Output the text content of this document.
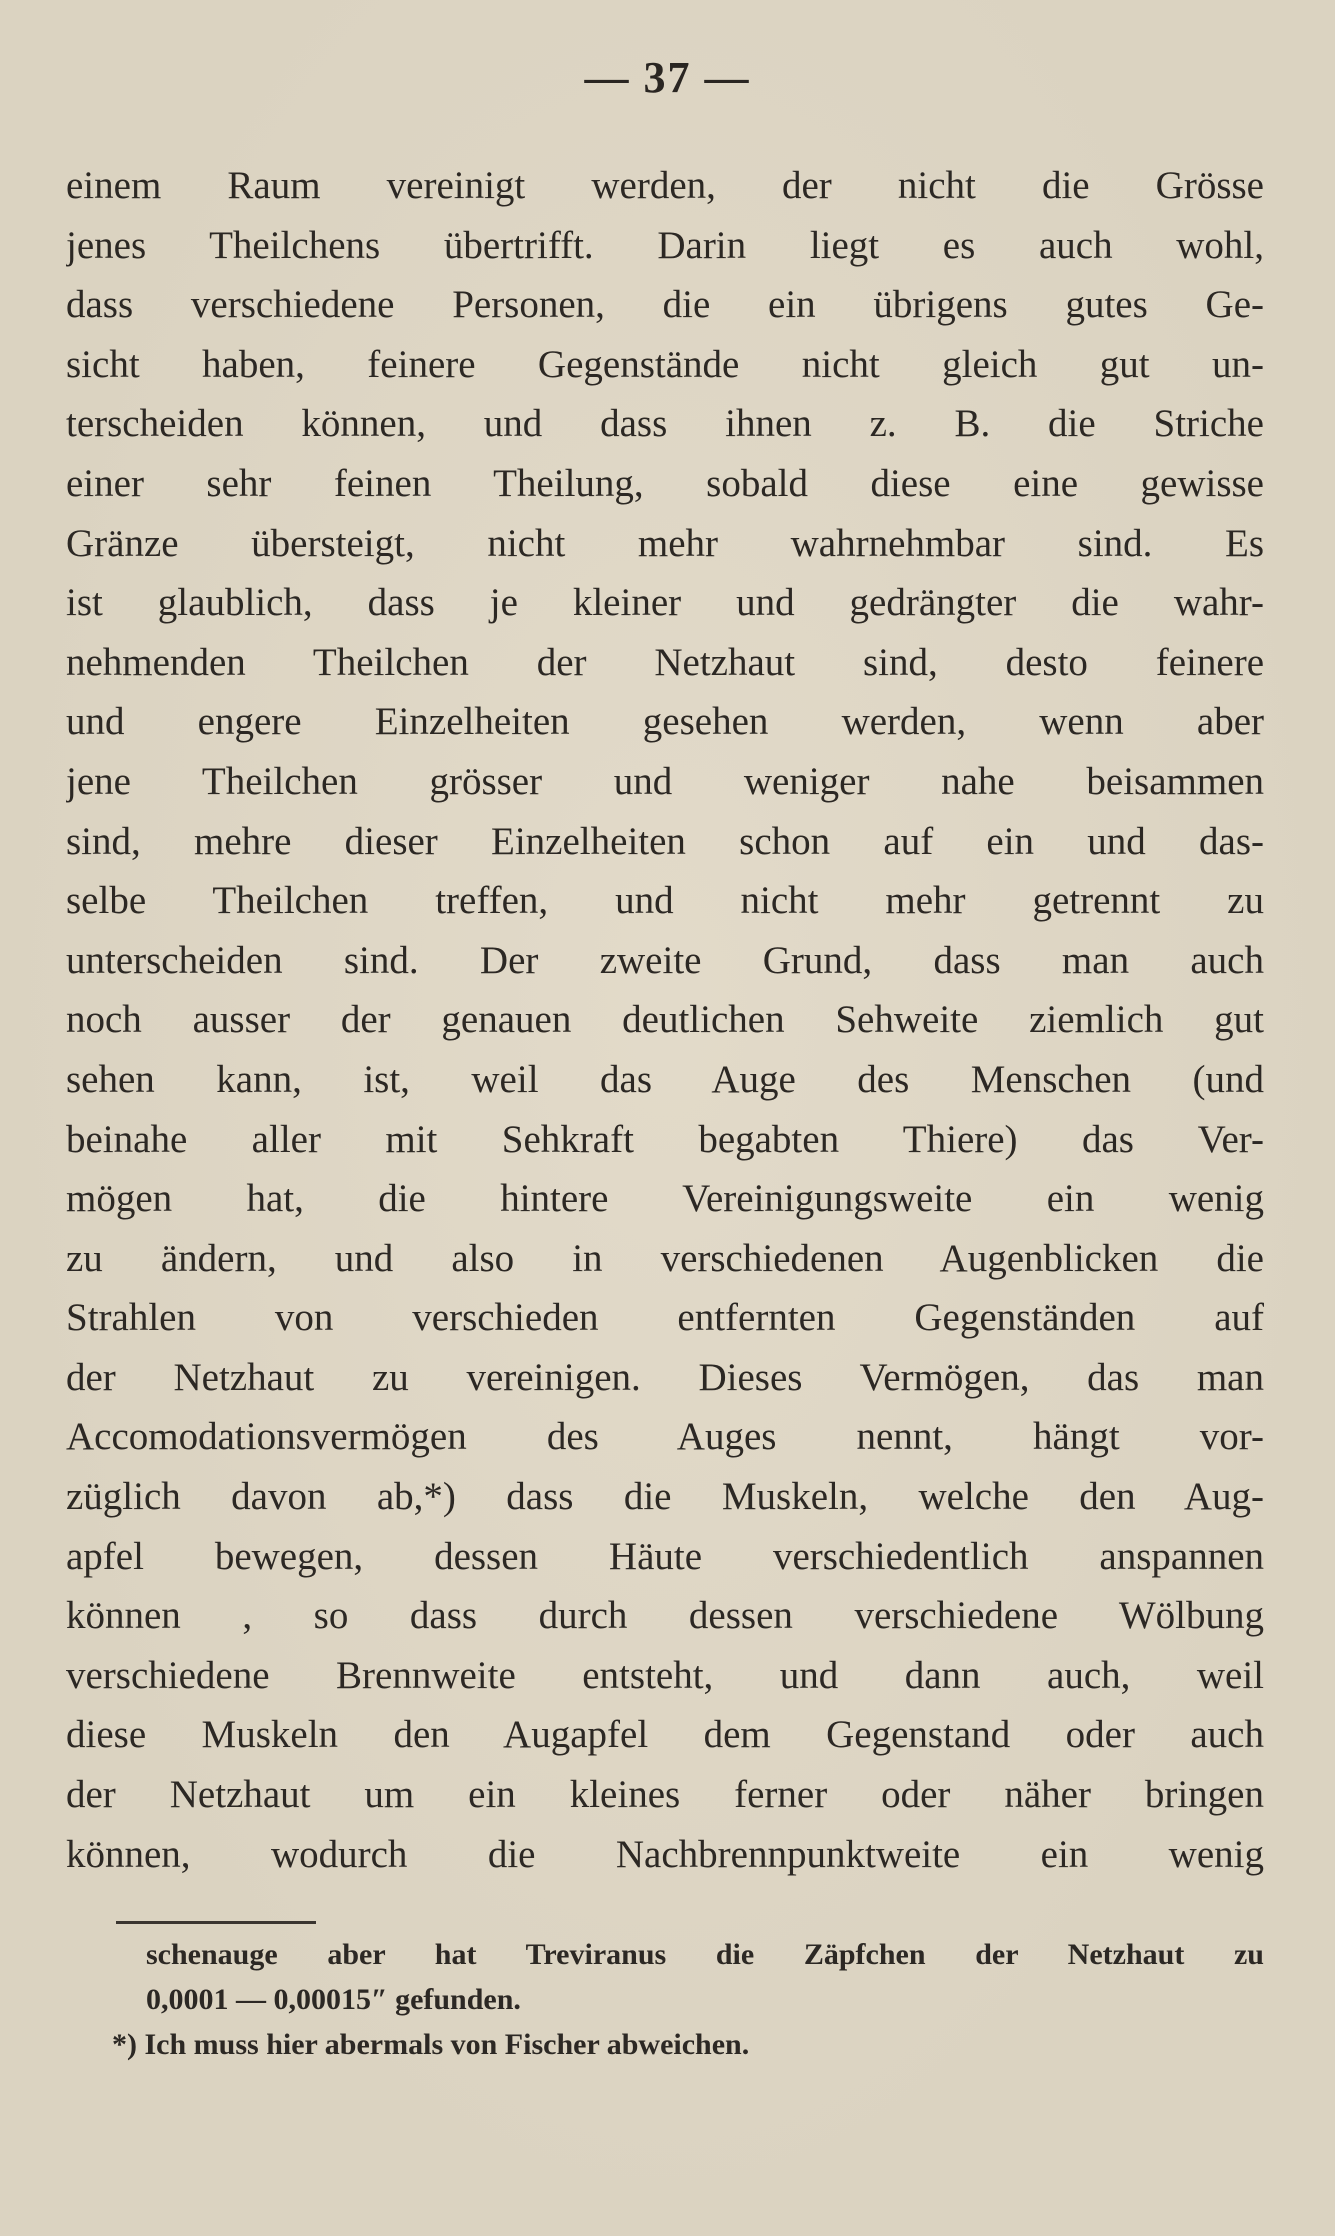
— 37 —
einem Raum vereinigt werden, der nicht die Grösse
jenes Theilchens übertrifft. Darin liegt es auch wohl,
dass verschiedene Personen, die ein übrigens gutes Ge-
sicht haben, feinere Gegenstände nicht gleich gut un-
terscheiden können, und dass ihnen z. B. die Striche
einer sehr feinen Theilung, sobald diese eine gewisse
Gränze übersteigt, nicht mehr wahrnehmbar sind. Es
ist glaublich, dass je kleiner und gedrängter die wahr-
nehmenden Theilchen der Netzhaut sind, desto feinere
und engere Einzelheiten gesehen werden, wenn aber
jene Theilchen grösser und weniger nahe beisammen
sind, mehre dieser Einzelheiten schon auf ein und das-
selbe Theilchen treffen, und nicht mehr getrennt zu
unterscheiden sind. Der zweite Grund, dass man auch
noch ausser der genauen deutlichen Sehweite ziemlich gut
sehen kann, ist, weil das Auge des Menschen (und
beinahe aller mit Sehkraft begabten Thiere) das Ver-
mögen hat, die hintere Vereinigungsweite ein wenig
zu ändern, und also in verschiedenen Augenblicken die
Strahlen von verschieden entfernten Gegenständen auf
der Netzhaut zu vereinigen. Dieses Vermögen, das man
Accomodationsvermögen des Auges nennt, hängt vor-
züglich davon ab,*) dass die Muskeln, welche den Aug-
apfel bewegen, dessen Häute verschiedentlich anspannen
können , so dass durch dessen verschiedene Wölbung
verschiedene Brennweite entsteht, und dann auch, weil
diese Muskeln den Augapfel dem Gegenstand oder auch
der Netzhaut um ein kleines ferner oder näher bringen
können, wodurch die Nachbrennpunktweite ein wenig
schenauge aber hat Treviranus die Zäpfchen der Netzhaut zu
0,0001 — 0,00015″ gefunden.
*) Ich muss hier abermals von Fischer abweichen.
